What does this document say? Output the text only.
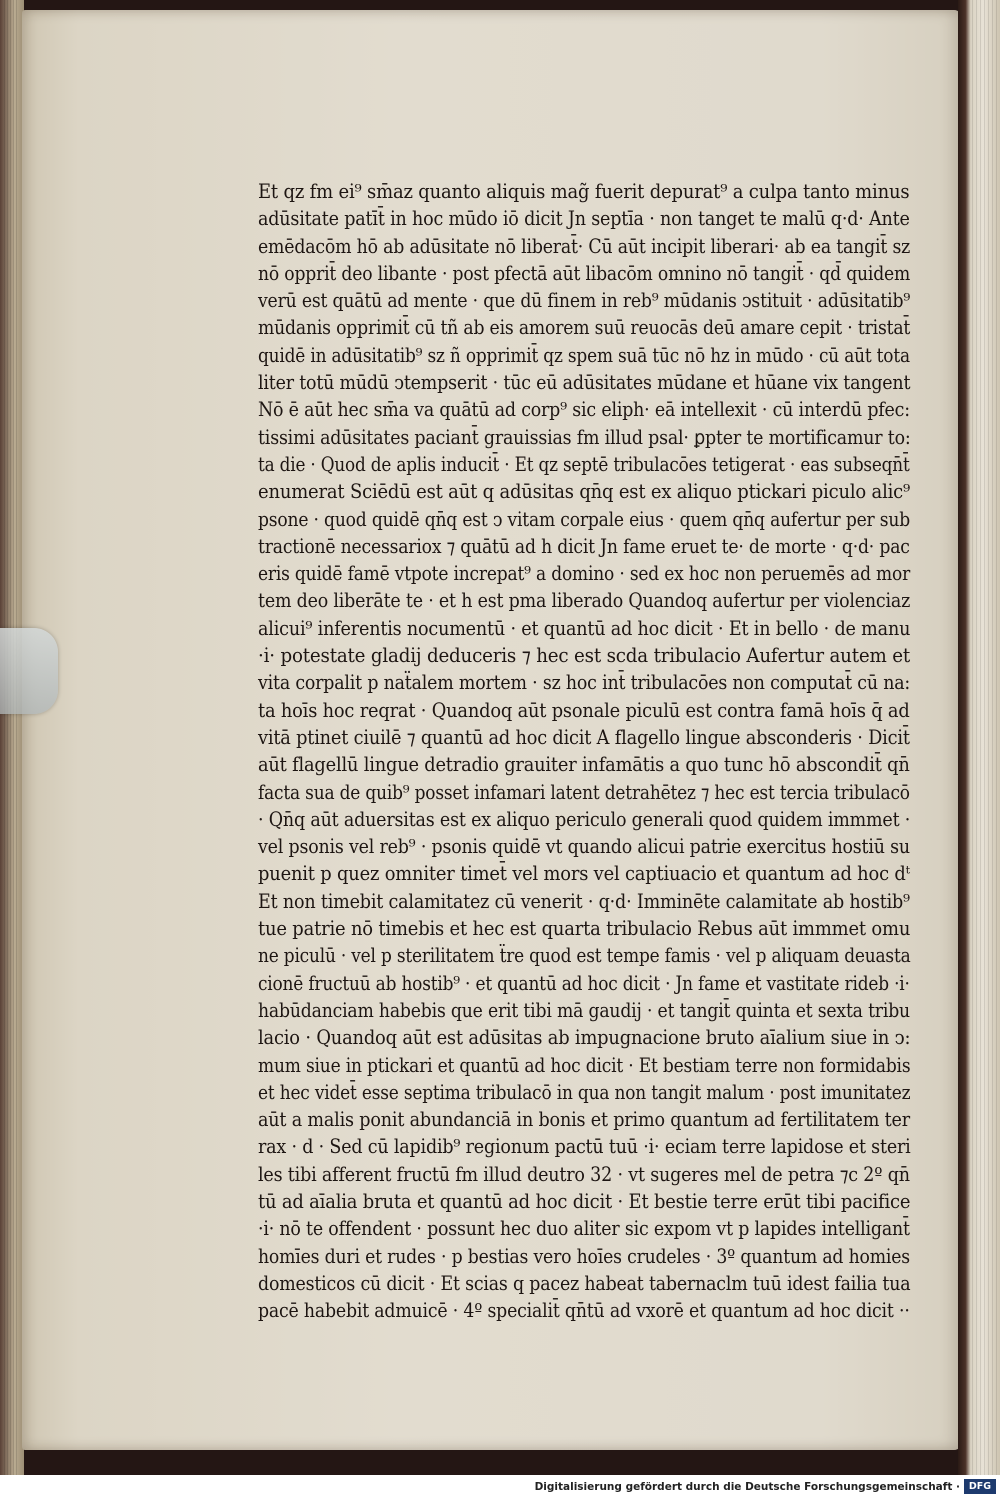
Et qz fm ei⁹ sm̄az quanto aliquis mag̃ fuerit depurat⁹ a culpa tanto minus
adūsitate patīt̄ in hoc mūdo iō dicit Jn septīa · non tanget te malū q·d· Ante
emēdacōm hō ab adūsitate nō liberat̄· Cū aūt incipit liberari· ab ea tangit̄ sz
nō opprit̄ deo libante · post pfectā aūt libacōm omnino nō tangit̄ · qd̄ quidem
verū est quātū ad mente · que dū finem in reb⁹ mūdanis ↄstituit · adūsitatib⁹
mūdanis opprimit̄ cū tñ ab eis amorem suū reuocās deū amare cepit · tristat̄
quidē in adūsitatib⁹ sz ñ opprimit̄ qz spem suā tūc nō hz in mūdo · cū aūt tota
liter totū mūdū ↄtempserit · tūc eū adūsitates mūdane et hūane vix tangent
Nō ē aūt hec sm̄a va quātū ad corp⁹ sic eliph· eā intellexit · cū interdū pfec:
tissimi adūsitates paciant̄ grauissias fm illud psal· ꝑpter te mortificamur to:
ta die · Quod de aplis inducit̄ · Et qz septē tribulacōes tetigerat · eas subseqn̄t̄
enumerat Sciēdū est aūt q adūsitas qn̄q est ex aliquo ptickari piculo alic⁹
psone · quod quidē qn̄q est ↄ vitam corpale eius · quem qn̄q aufertur per sub
tractionē necessariox ⁊ quātū ad h dicit Jn fame eruet te· de morte · q·d· pac
eris quidē famē vtpote increpat⁹ a domino · sed ex hoc non peruemēs ad mor
tem deo liberāte te · et h est pma liberado Quandoq aufertur per violenciaz
alicui⁹ inferentis nocumentū · et quantū ad hoc dicit · Et in bello · de manu
·i· potestate gladij deduceris ⁊ hec est scda tribulacio Aufertur autem et
vita corpalit p naẗalem mortem · sz hoc int̄ tribulacōes non computat̄ cū na:
ta hoīs hoc reqrat · Quandoq aūt psonale piculū est contra famā hoīs q̄ ad
vitā ptinet ciuilē ⁊ quantū ad hoc dicit A flagello lingue absconderis · Dicit̄
aūt flagellū lingue detradio grauiter infamātis a quo tunc hō abscondit̄ qn̄
facta sua de quib⁹ posset infamari latent detrahētez ⁊ hec est tercia tribulacō
· Qn̄q aūt aduersitas est ex aliquo periculo generali quod quidem immmet ·
vel psonis vel reb⁹ · psonis quidē vt quando alicui patrie exercitus hostiū su
puenit p quez omniter timet̄ vel mors vel captiuacio et quantum ad hoc dᵗ
Et non timebit calamitatez cū venerit · q·d· Imminēte calamitate ab hostib⁹
tue patrie nō timebis et hec est quarta tribulacio Rebus aūt immmet omu
ne piculū · vel p sterilitatem ẗre quod est tempe famis · vel p aliquam deuasta
cionē fructuū ab hostib⁹ · et quantū ad hoc dicit · Jn fame et vastitate rideb ·i·
habūdanciam habebis que erit tibi mā gaudij · et tangit̄ quinta et sexta tribu
lacio · Quandoq aūt est adūsitas ab impugnacione bruto aīalium siue in ↄ:
mum siue in ptickari et quantū ad hoc dicit · Et bestiam terre non formidabis
et hec videt̄ esse septima tribulacō in qua non tangit malum · post imunitatez
aūt a malis ponit abundanciā in bonis et primo quantum ad fertilitatem ter
rax · d · Sed cū lapidib⁹ regionum pactū tuū ·i· eciam terre lapidose et steri
les tibi afferent fructū fm illud deutro 32 · vt sugeres mel de petra ⁊c 2º qn̄
tū ad aīalia bruta et quantū ad hoc dicit · Et bestie terre erūt tibi pacifice
·i· nō te offendent · possunt hec duo aliter sic expom vt p lapides intelligant̄
homīes duri et rudes · p bestias vero hoīes crudeles · 3º quantum ad homies
domesticos cū dicit · Et scias q pacez habeat tabernaclm tuū idest failia tua
pacē habebit admuicē · 4º specialit̄ qn̄tū ad vxorē et quantum ad hoc dicit ··
Digitalisierung gefördert durch die Deutsche Forschungsgemeinschaft · DFG
